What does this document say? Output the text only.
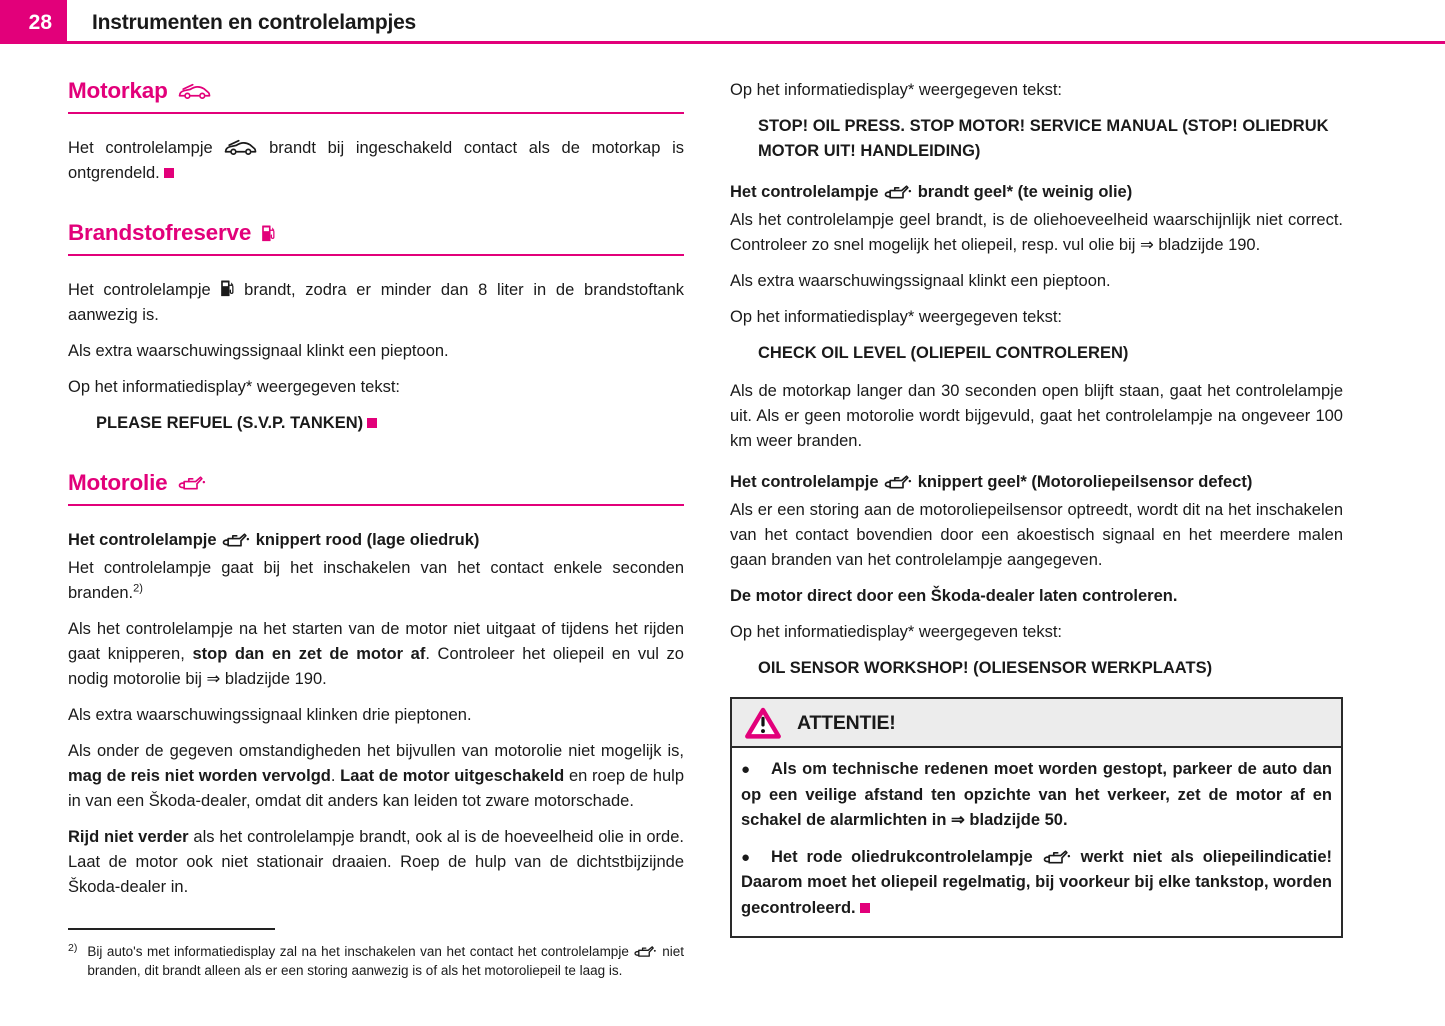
28	Instrumenten en controlelampjes
Motorkap

Het controlelampje  brandt bij ingeschakeld contact als de motorkap is ontgrendeld.

Brandstofreserve

Het controlelampje  brandt, zodra er minder dan 8 liter in de brandstoftank aanwezig is.

Als extra waarschuwingssignaal klinkt een pieptoon.

Op het informatiedisplay* weergegeven tekst:

PLEASE REFUEL (S.V.P. TANKEN)

Motorolie

Het controlelampje  knippert rood (lage oliedruk)

Het controlelampje gaat bij het inschakelen van het contact enkele seconden branden.$^{2)}$

Als het controlelampje na het starten van de motor niet uitgaat of tijdens het rijden gaat knipperen, stop dan en zet de motor af. Controleer het oliepeil en vul zo nodig motorolie bij ⇒ bladzijde 190.

Als extra waarschuwingssignaal klinken drie pieptonen.

Als onder de gegeven omstandigheden het bijvullen van motorolie niet mogelijk is, mag de reis niet worden vervolgd. Laat de motor uitgeschakeld en roep de hulp in van een Škoda-dealer, omdat dit anders kan leiden tot zware motorschade.

Rijd niet verder als het controlelampje brandt, ook al is de hoeveelheid olie in orde. Laat de motor ook niet stationair draaien. Roep de hulp van de dichtstbijzijnde Škoda-dealer in.

2) Bij auto's met informatiedisplay zal na het inschakelen van het contact het controlelampje  niet branden, dit brandt alleen als er een storing aanwezig is of als het motoroliepeil te laag is.

Op het informatiedisplay* weergegeven tekst:

STOP! OIL PRESS. STOP MOTOR! SERVICE MANUAL (STOP! OLIEDRUK MOTOR UIT! HANDLEIDING)

Het controlelampje  brandt geel* (te weinig olie)

Als het controlelampje geel brandt, is de oliehoeveelheid waarschijnlijk niet correct. Controleer zo snel mogelijk het oliepeil, resp. vul olie bij ⇒ bladzijde 190.

Als extra waarschuwingssignaal klinkt een pieptoon.

Op het informatiedisplay* weergegeven tekst:

CHECK OIL LEVEL (OLIEPEIL CONTROLEREN)

Als de motorkap langer dan 30 seconden open blijft staan, gaat het controlelampje uit. Als er geen motorolie wordt bijgevuld, gaat het controlelampje na ongeveer 100 km weer branden.

Het controlelampje  knippert geel* (Motoroliepeilsensor defect)

Als er een storing aan de motoroliepeilsensor optreedt, wordt dit na het inschakelen van het contact bovendien door een akoestisch signaal en het meerdere malen gaan branden van het controlelampje aangegeven.

De motor direct door een Škoda-dealer laten controleren.

Op het informatiedisplay* weergegeven tekst:

OIL SENSOR WORKSHOP! (OLIESENSOR WERKPLAATS)

ATTENTIE!

● Als om technische redenen moet worden gestopt, parkeer de auto dan op een veilige afstand ten opzichte van het verkeer, zet de motor af en schakel de alarmlichten in ⇒ bladzijde 50.

● Het rode oliedrukcontrolelampje  werkt niet als oliepeilindicatie! Daarom moet het oliepeil regelmatig, bij voorkeur bij elke tankstop, worden gecontroleerd.
